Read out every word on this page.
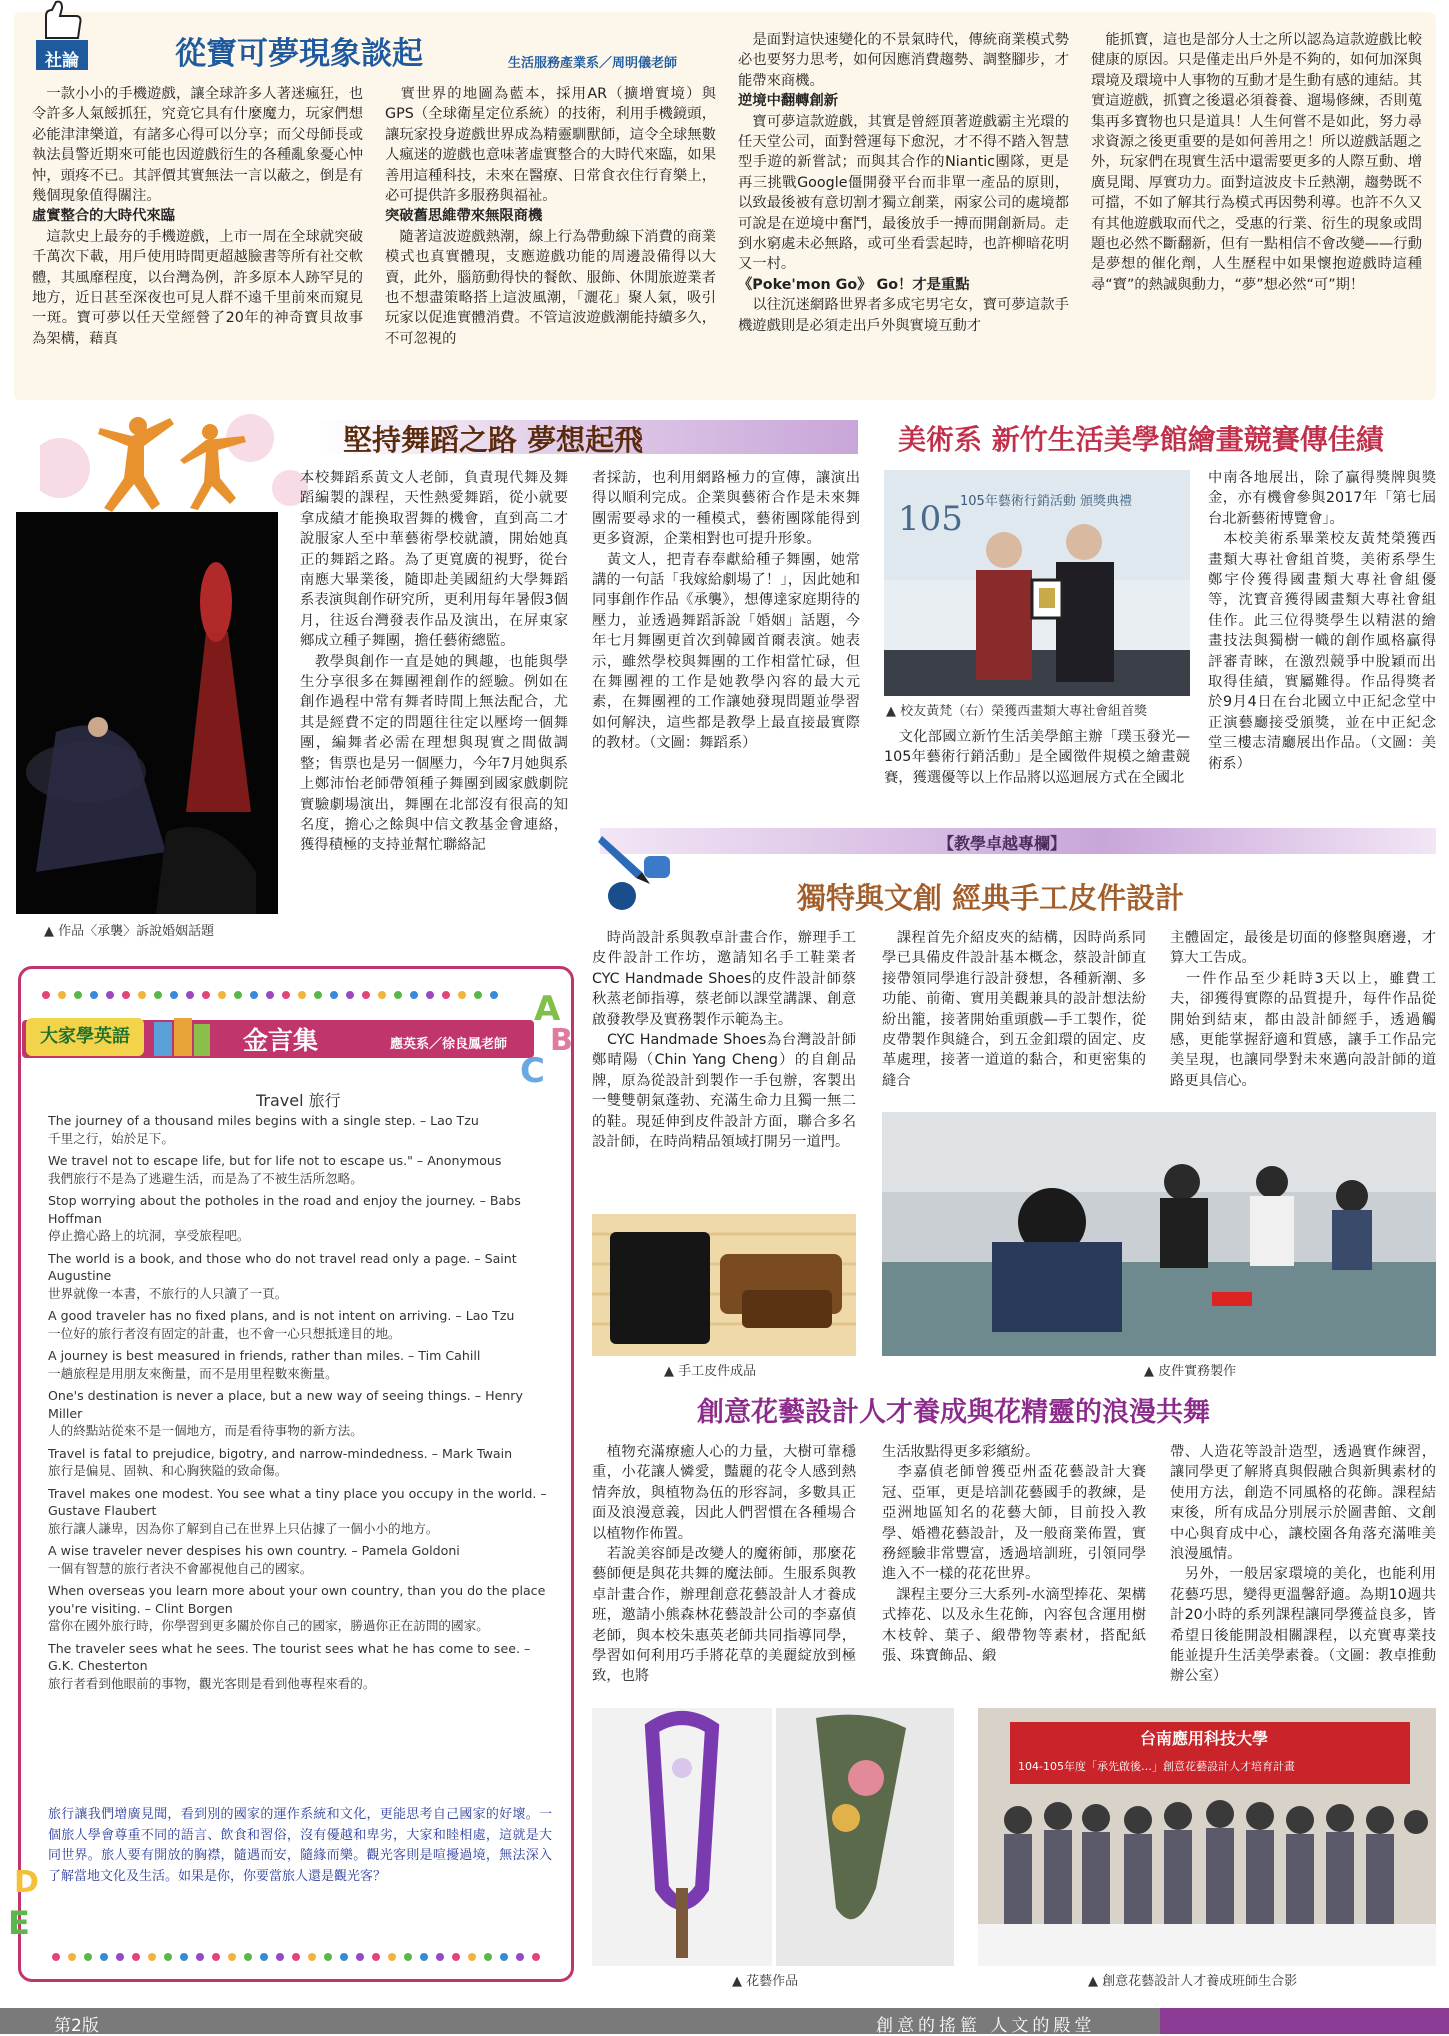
社論	從寶可夢現象談起	生活服務產業系／周明儀老師

　一款小小的手機遊戲，讓全球許多人著迷瘋狂，也令許多人氣餒抓狂，究竟它具有什麼魔力，玩家們想必能津津樂道，有諸多心得可以分享；而父母師長或執法員警近期來可能也因遊戲衍生的各種亂象憂心忡忡，頭疼不已。其評價其實無法一言以蔽之，倒是有幾個現象值得關注。

虛實整合的大時代來臨

　這款史上最夯的手機遊戲，上市一周在全球就突破千萬次下載，用戶使用時間更超越臉書等所有社交軟體，其風靡程度，以台灣為例，許多原本人跡罕見的地方，近日甚至深夜也可見人群不遠千里前來而窺見一斑。寶可夢以任天堂經營了20年的神奇寶貝故事為架構，藉真

　實世界的地圖為藍本，採用AR（擴增實境）與GPS（全球衛星定位系統）的技術，利用手機鏡頭，讓玩家投身遊戲世界成為精靈馴獸師，這令全球無數人瘋迷的遊戲也意味著虛實整合的大時代來臨，如果善用這種科技，未來在醫療、日常食衣住行育樂上，必可提供許多服務與福祉。

突破舊思維帶來無限商機

　隨著這波遊戲熱潮，線上行為帶動線下消費的商業模式也真實體現，支應遊戲功能的周邊設備得以大賣，此外，腦筋動得快的餐飲、服飾、休閒旅遊業者也不想盡策略搭上這波風潮，「灑花」聚人氣，吸引玩家以促進實體消費。不管這波遊戲潮能持續多久，不可忽視的

　是面對這快速變化的不景氣時代，傳統商業模式勢必也要努力思考，如何因應消費趨勢、調整腳步，才能帶來商機。

逆境中翻轉創新

　寶可夢這款遊戲，其實是曾經頂著遊戲霸主光環的任天堂公司，面對營運每下愈況，才不得不踏入智慧型手遊的新嘗試；而與其合作的Niantic團隊，更是再三挑戰Google僵開發平台而非單一產品的原則，以致最後被有意切割才獨立創業，兩家公司的處境都可說是在逆境中奮鬥，最後放手一搏而開創新局。走到水窮處未必無路，或可坐看雲起時，也許柳暗花明又一村。

《Poke'mon Go》 Go！才是重點

　以往沉迷網路世界者多成宅男宅女，寶可夢這款手機遊戲則是必須走出戶外與實境互動才

　能抓寶，這也是部分人士之所以認為這款遊戲比較健康的原因。只是僅走出戶外是不夠的，如何加深與環境及環境中人事物的互動才是生動有感的連結。其實這遊戲，抓寶之後還必須養養、遛場修練，否則蒐集再多寶物也只是道具！人生何嘗不是如此，努力尋求資源之後更重要的是如何善用之！所以遊戲話題之外，玩家們在現實生活中還需要更多的人際互動、增廣見聞、厚實功力。面對這波皮卡丘熱潮，趨勢既不可擋，不如了解其行為模式再因勢利導。也許不久又有其他遊戲取而代之，受惠的行業、衍生的現象或問題也必然不斷翻新，但有一點相信不會改變——行動是夢想的催化劑，人生歷程中如果懷抱遊戲時這種尋“寶”的熱誠與動力，“夢”想必然“可”期！

堅持舞蹈之路 夢想起飛
▲ 作品〈承襲〉訴說婚姻話題
本校舞蹈系黃文人老師，負責現代舞及舞蹈編製的課程，天性熱愛舞蹈，從小就要拿成績才能換取習舞的機會，直到高二才說服家人至中華藝術學校就讀，開始她真正的舞蹈之路。為了更寬廣的視野，從台南應大畢業後，隨即赴美國紐約大學舞蹈系表演與創作研究所，更利用每年暑假3個月，往返台灣發表作品及演出，在屏東家鄉成立種子舞團，擔任藝術總監。
　教學與創作一直是她的興趣，也能與學生分享很多在舞團裡創作的經驗。例如在創作過程中常有舞者時間上無法配合，尤其是經費不定的問題往往定以壓垮一個舞團，編舞者必需在理想與現實之間做調整；售票也是另一個壓力，今年7月她與系上鄭沛怡老師帶領種子舞團到國家戲劇院實驗劇場演出，舞團在北部沒有很高的知名度，擔心之餘與中信文教基金會連絡，獲得積極的支持並幫忙聯絡記
者採訪，也利用網路極力的宣傳，讓演出得以順利完成。企業與藝術合作是未來舞團需要尋求的一種模式，藝術團隊能得到更多資源，企業相對也可提升形象。
　黃文人，把青春奉獻給種子舞團，她常講的一句話「我嫁給劇場了！」，因此她和同事創作作品《承襲》，想傳達家庭期待的壓力，並透過舞蹈訴說「婚姻」話題，今年七月舞團更首次到韓國首爾表演。她表示，雖然學校與舞團的工作相當忙碌，但在舞團裡的工作是她教學內容的最大元素，在舞團裡的工作讓她發現問題並學習如何解決，這些都是教學上最直接最實際的教材。（文圖：舞蹈系）
美術系 新竹生活美學館繪畫競賽傳佳績
105
105年藝術行銷活動 頒獎典禮
▲ 校友黃梵（右）榮獲西畫類大專社會組首獎
　文化部國立新竹生活美學館主辦「璞玉發光—105年藝術行銷活動」是全國徵件規模之繪畫競賽，獲選優等以上作品將以巡迴展方式在全國北
中南各地展出，除了贏得獎牌與獎金，亦有機會參與2017年「第七屆台北新藝術博覽會」。
　本校美術系畢業校友黃梵榮獲西畫類大專社會組首獎，美術系學生鄭宇伶獲得國畫類大專社會組優等，沈寶音獲得國畫類大專社會組佳作。此三位得獎學生以精湛的繪畫技法與獨樹一幟的創作風格贏得評審青睞，在激烈競爭中脫穎而出取得佳績，實屬難得。作品得獎者於9月4日在台北國立中正紀念堂中正演藝廳接受頒獎，並在中正紀念堂三樓志清廳展出作品。（文圖：美術系）
【教學卓越專欄】
獨特與文創 經典手工皮件設計
　時尚設計系與教卓計畫合作，辦理手工皮件設計工作坊，邀請知名手工鞋業者CYC Handmade Shoes的皮件設計師蔡秋蒸老師指導，蔡老師以課堂講課、創意啟發教學及實務製作示範為主。
　CYC Handmade Shoes為台灣設計師鄭晴陽（Chin Yang Cheng）的自創品牌，原為從設計到製作一手包辦，客製出一雙雙朝氣蓬勃、充滿生命力且獨一無二的鞋。現延伸到皮件設計方面，聯合多名設計師，在時尚精品領域打開另一道門。
　課程首先介紹皮夾的結構，因時尚系同學已具備皮件設計基本概念，蔡設計師直接帶領同學進行設計發想，各種新潮、多功能、前衛、實用美觀兼具的設計想法紛紛出籠，接著開始重頭戲—手工製作，從皮帶製作與縫合，到五金釦環的固定、皮革處理，接著一道道的黏合，和更密集的縫合
主體固定，最後是切面的修整與磨邊，才算大工告成。
　一件作品至少耗時3天以上，雖費工夫，卻獲得實際的品質提升，每件作品從開始到結束，都由設計師經手，透過觸感，更能掌握舒適和質感，讓手工作品完美呈現，也讓同學對未來邁向設計師的道路更具信心。
▲ 手工皮件成品	▲ 皮件實務製作
創意花藝設計人才養成與花精靈的浪漫共舞
　植物充滿療癒人心的力量，大樹可靠穩重，小花讓人憐愛，豔麗的花令人感到熱情奔放，與植物為伍的形容詞，多數具正面及浪漫意義，因此人們習慣在各種場合以植物作佈置。
　若說美容師是改變人的魔術師，那麼花藝師便是與花共舞的魔法師。生服系與教卓計畫合作，辦理創意花藝設計人才養成班，邀請小熊森林花藝設計公司的李嘉偵老師，與本校朱惠英老師共同指導同學，學習如何利用巧手將花草的美麗綻放到極致，也將
生活妝點得更多彩繽紛。
　李嘉偵老師曾獲亞州盃花藝設計大賽冠、亞軍，更是培訓花藝國手的教練，是亞洲地區知名的花藝大師，目前投入教學、婚禮花藝設計，及一般商業佈置，實務經驗非常豐富，透過培訓班，引領同學進入不一樣的花花世界。
　課程主要分三大系列-水滴型捧花、架構式捧花、以及永生花飾，內容包含運用樹木枝幹、葉子、緞帶物等素材，搭配紙張、珠寶飾品、緞
帶、人造花等設計造型，透過實作練習，讓同學更了解將真與假融合與新興素材的使用方法，創造不同風格的花飾。課程結束後，所有成品分別展示於圖書館、文創中心與育成中心，讓校園各角落充滿唯美浪漫風情。
　另外，一般居家環境的美化，也能利用花藝巧思，變得更溫馨舒適。為期10週共計20小時的系列課程讓同學獲益良多，皆希望日後能開設相關課程，以充實專業技能並提升生活美學素養。（文圖：教卓推動辦公室）
▲ 花藝作品
台南應用科技大學
104-105年度「承先啟後…」創意花藝設計人才培育計畫
▲ 創意花藝設計人才養成班師生合影
大家學英語	金言集	應英系／徐良鳳老師
A
B
C
Travel 旅行

The journey of a thousand miles begins with a single step. – Lao Tzu

千里之行，始於足下。

We travel not to escape life, but for life not to escape us." – Anonymous

我們旅行不是為了逃避生活，而是為了不被生活所忽略。

Stop worrying about the potholes in the road and enjoy the journey. – Babs Hoffman

停止擔心路上的坑洞，享受旅程吧。

The world is a book, and those who do not travel read only a page. – Saint Augustine

世界就像一本書，不旅行的人只讀了一頁。

A good traveler has no fixed plans, and is not intent on arriving. – Lao Tzu

一位好的旅行者沒有固定的計畫，也不會一心只想抵達目的地。

A journey is best measured in friends, rather than miles. – Tim Cahill

一趟旅程是用朋友來衡量，而不是用里程數來衡量。

One's destination is never a place, but a new way of seeing things. – Henry Miller

人的終點站從來不是一個地方，而是看待事物的新方法。

Travel is fatal to prejudice, bigotry, and narrow-mindedness. – Mark Twain

旅行是偏見、固執、和心胸狹隘的致命傷。

Travel makes one modest. You see what a tiny place you occupy in the world. – Gustave Flaubert

旅行讓人謙卑，因為你了解到自己在世界上只佔據了一個小小的地方。

A wise traveler never despises his own country. – Pamela Goldoni

一個有智慧的旅行者決不會鄙視他自己的國家。

When overseas you learn more about your own country, than you do the place you're visiting. – Clint Borgen

當你在國外旅行時，你學習到更多關於你自己的國家，勝過你正在訪問的國家。

The traveler sees what he sees. The tourist sees what he has come to see. – G.K. Chesterton

旅行者看到他眼前的事物，觀光客則是看到他專程來看的。

旅行讓我們增廣見聞，看到別的國家的運作系統和文化，更能思考自己國家的好壞。一個旅人學會尊重不同的語言、飲食和習俗，沒有優越和卑劣，大家和睦相處，這就是大同世界。旅人要有開放的胸襟，隨遇而安，隨緣而樂。觀光客則是喧擾過境，無法深入了解當地文化及生活。如果是你，你要當旅人還是觀光客？
D
E
第2版	創意的搖籃 人文的殿堂
